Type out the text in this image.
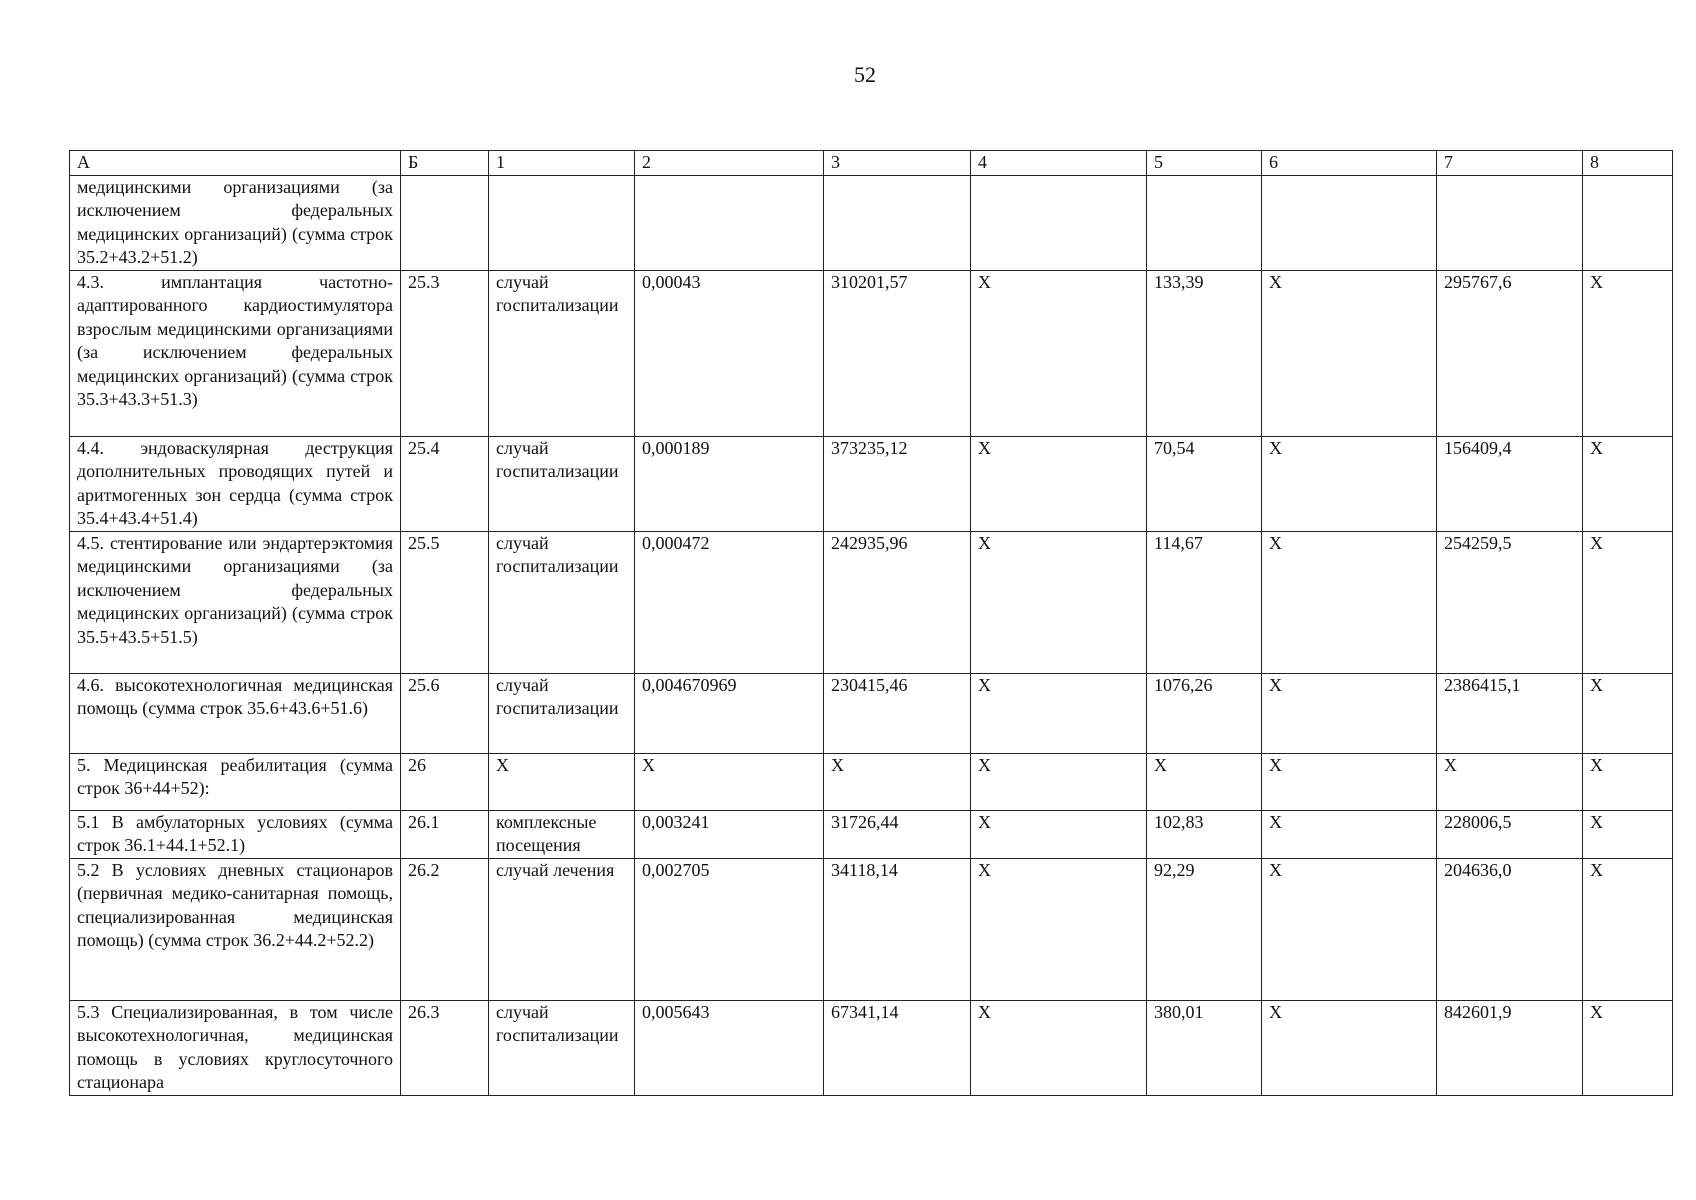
52
А	Б	1	2	3	4	5	6	7	8
медицинскими организациями (за исключением федеральных медицинских организаций) (сумма строк 35.2+43.2+51.2)									
4.3. имплантация частотно-адаптированного кардиостимулятора взрослым медицинскими организациями (за исключением федеральных медицинских организаций) (сумма строк 35.3+43.3+51.3)	25.3	случай госпитализации	0,00043	310201,57	X	133,39	X	295767,6	X
4.4. эндоваскулярная деструкция дополнительных проводящих путей и аритмогенных зон сердца (сумма строк 35.4+43.4+51.4)	25.4	случай госпитализации	0,000189	373235,12	X	70,54	X	156409,4	X
4.5. стентирование или эндартерэктомия медицинскими организациями (за исключением федеральных медицинских организаций) (сумма строк 35.5+43.5+51.5)	25.5	случай госпитализации	0,000472	242935,96	X	114,67	X	254259,5	X
4.6. высокотехнологичная медицинская помощь (сумма строк 35.6+43.6+51.6)	25.6	случай госпитализации	0,004670969	230415,46	X	1076,26	X	2386415,1	X
5. Медицинская реабилитация (сумма строк 36+44+52):	26	X	X	X	X	X	X	X	X
5.1 В амбулаторных условиях (сумма строк 36.1+44.1+52.1)	26.1	комплексные посещения	0,003241	31726,44	X	102,83	X	228006,5	X
5.2 В условиях дневных стационаров (первичная медико-санитарная помощь, специализированная медицинская помощь) (сумма строк 36.2+44.2+52.2)	26.2	случай лечения	0,002705	34118,14	X	92,29	X	204636,0	X
5.3 Специализированная, в том числе высокотехнологичная, медицинская помощь в условиях круглосуточного стационара	26.3	случай госпитализации	0,005643	67341,14	X	380,01	X	842601,9	X
